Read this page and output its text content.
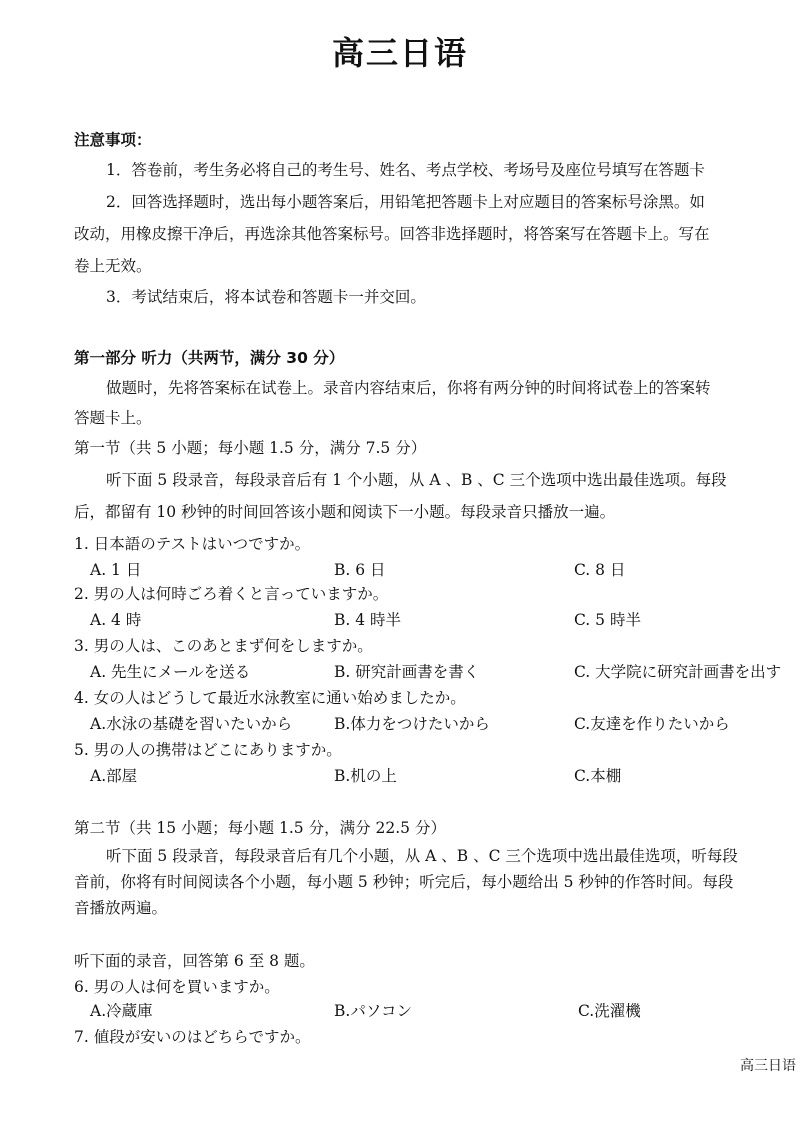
高三日语
注意事项：
1．答卷前，考生务必将自己的考生号、姓名、考点学校、考场号及座位号填写在答题卡
2．回答选择题时，选出每小题答案后，用铅笔把答题卡上对应题目的答案标号涂黑。如
改动，用橡皮擦干净后，再选涂其他答案标号。回答非选择题时，将答案写在答题卡上。写在
卷上无效。
3．考试结束后，将本试卷和答题卡一并交回。
第一部分 听力（共两节，满分 30 分）
做题时，先将答案标在试卷上。录音内容结束后，你将有两分钟的时间将试卷上的答案转
答题卡上。
第一节（共 5 小题；每小题 1.5 分，满分 7.5 分）
听下面 5 段录音，每段录音后有 1 个小题，从 A 、B 、C 三个选项中选出最佳选项。每段
后，都留有 10 秒钟的时间回答该小题和阅读下一小题。每段录音只播放一遍。
1. 日本語のテストはいつですか。
A. 1 日	B. 6 日	C. 8 日
2. 男の人は何時ごろ着くと言っていますか。
A. 4 時	B. 4 時半	C. 5 時半
3. 男の人は、このあとまず何をしますか。
A. 先生にメールを送る	B. 研究計画書を書く	C. 大学院に研究計画書を出す
4. 女の人はどうして最近水泳教室に通い始めましたか。
A.水泳の基礎を習いたいから	B.体力をつけたいから	C.友達を作りたいから
5. 男の人の携帯はどこにありますか。
A.部屋	B.机の上	C.本棚
第二节（共 15 小题；每小题 1.5 分，满分 22.5 分）
听下面 5 段录音，每段录音后有几个小题，从 A 、B 、C 三个选项中选出最佳选项，听每段
音前，你将有时间阅读各个小题，每小题 5 秒钟；听完后，每小题给出 5 秒钟的作答时间。每段
音播放两遍。
听下面的录音，回答第 6 至 8 题。
6. 男の人は何を買いますか。
A.冷蔵庫	B.パソコン	C.洗濯機
7. 値段が安いのはどちらですか。
高三日语
